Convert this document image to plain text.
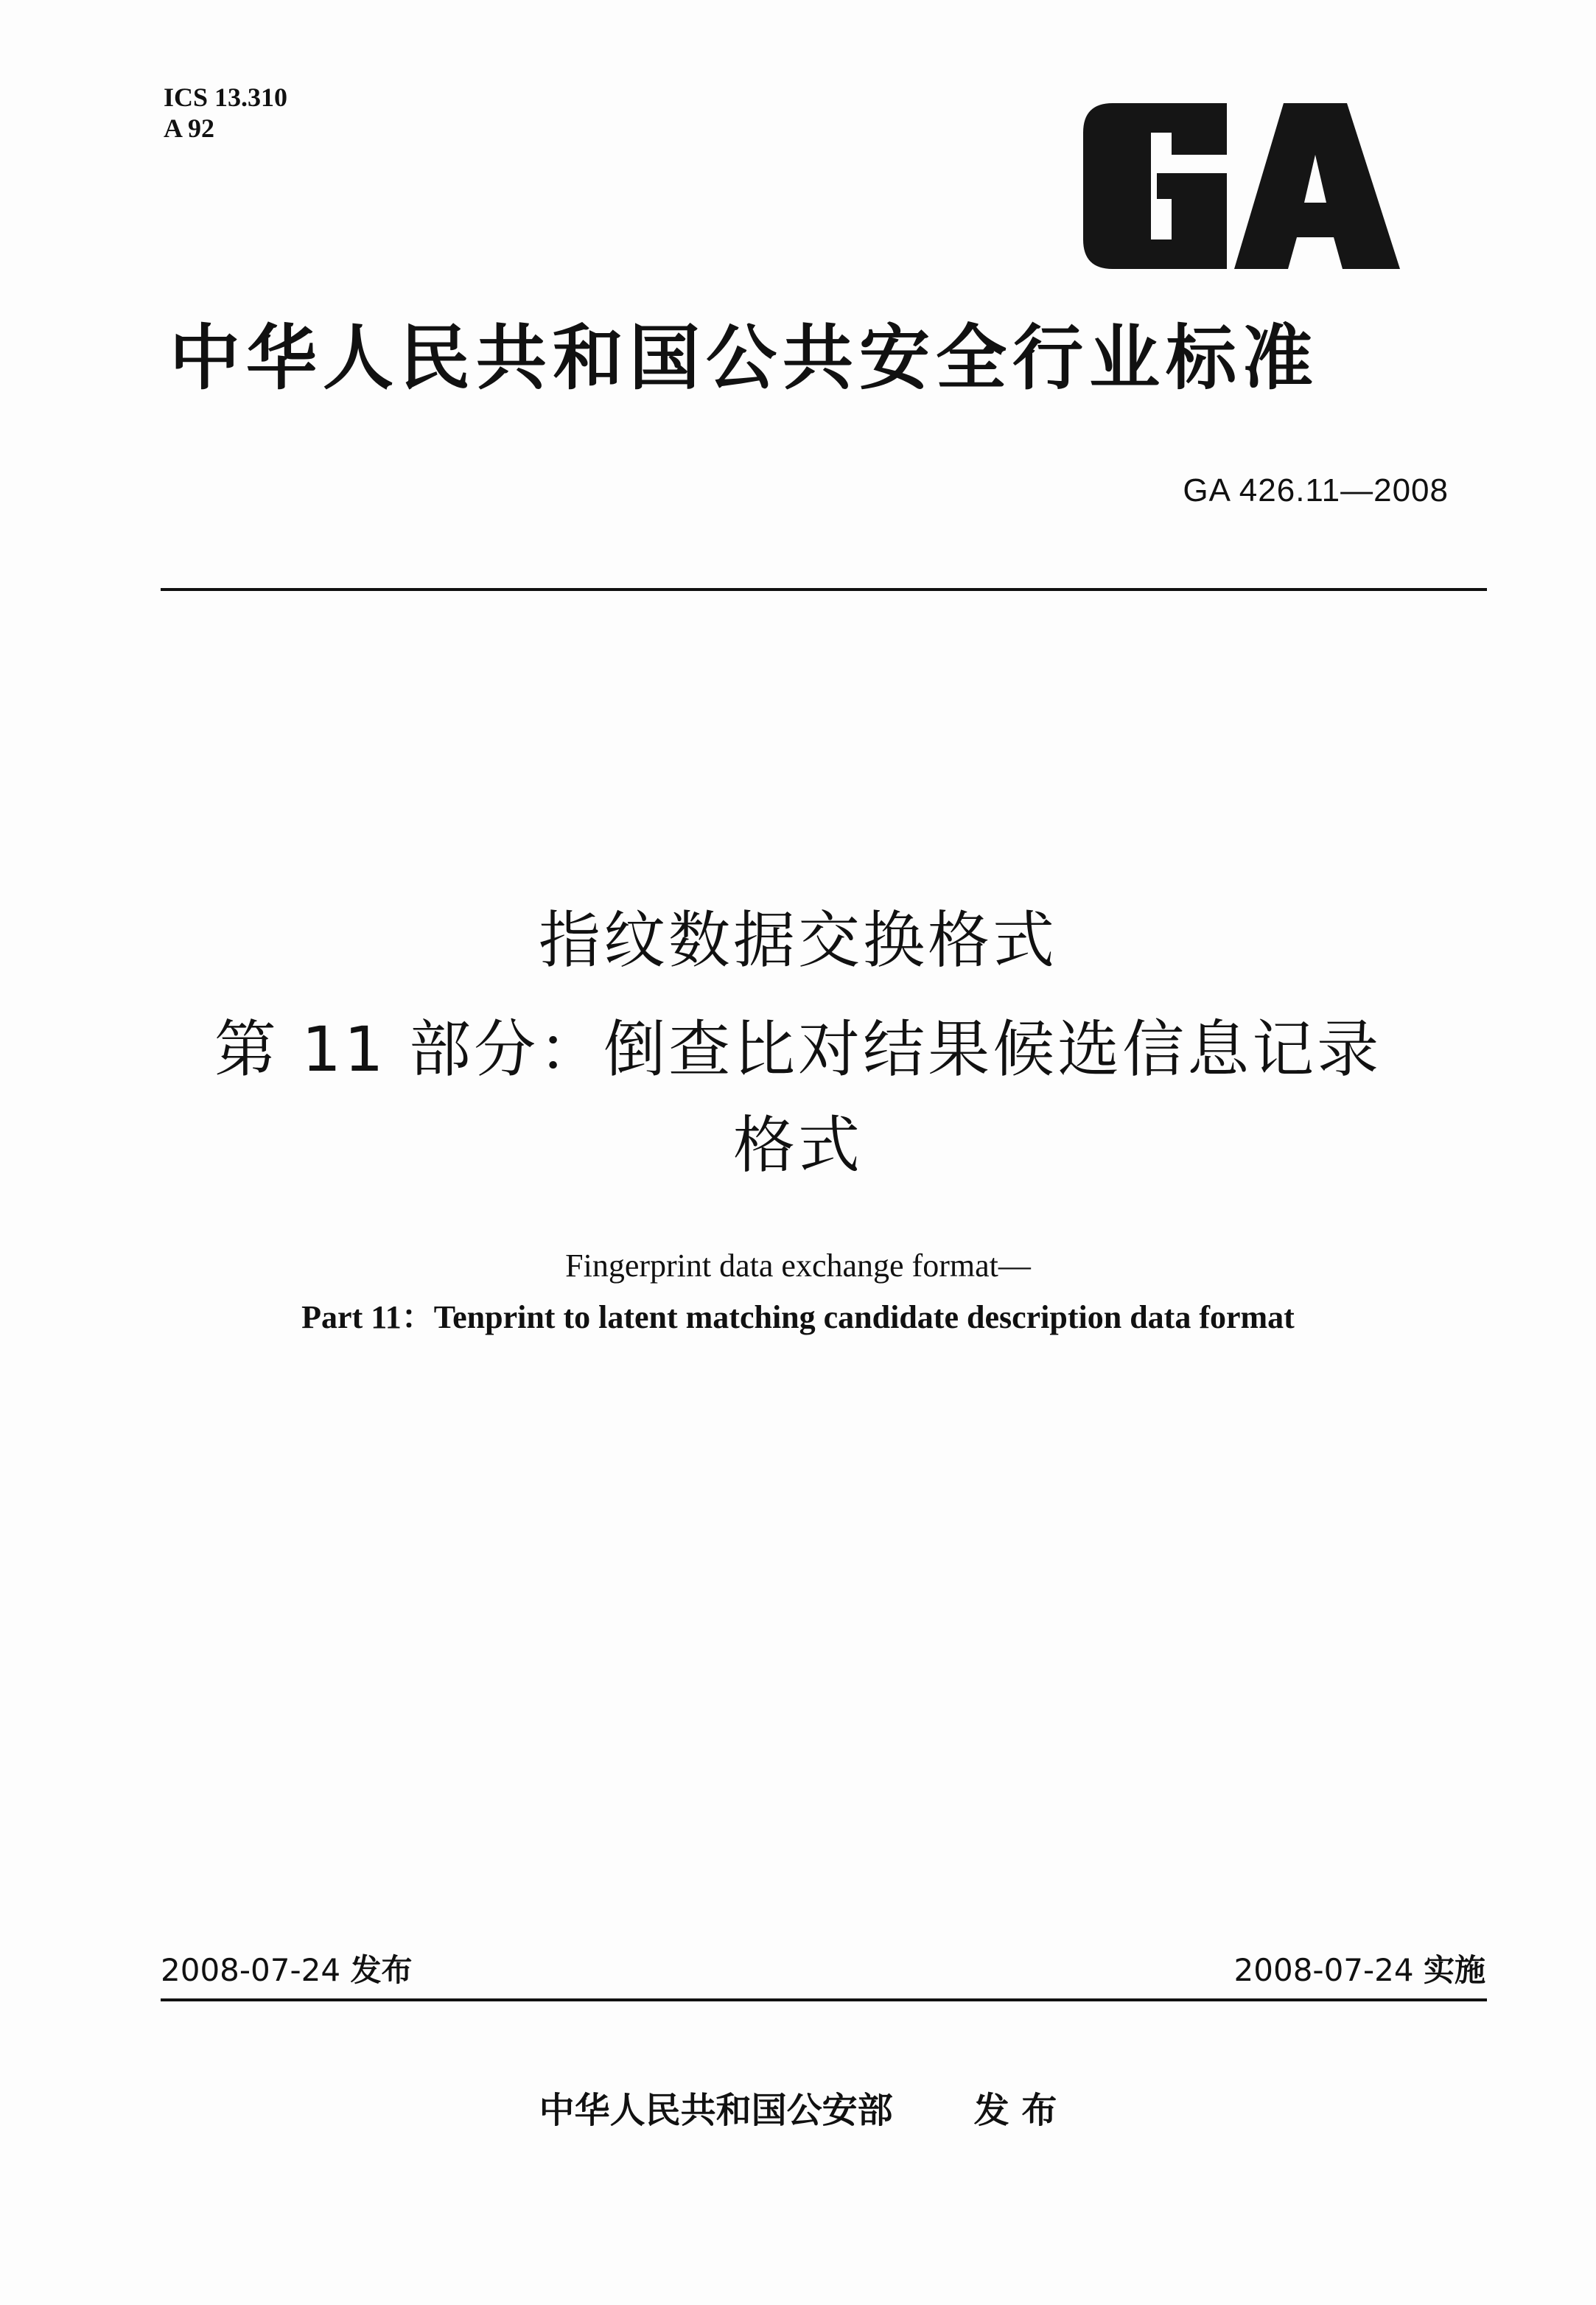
ICS 13.310
A 92
中华人民共和国公共安全行业标准
GA 426.11—2008
指纹数据交换格式
第 11 部分：倒查比对结果候选信息记录
格式
Fingerprint data exchange format—
Part 11：Tenprint to latent matching candidate description data format
2008-07-24 发布	2008-07-24 实施
中华人民共和国公安部 发 布
